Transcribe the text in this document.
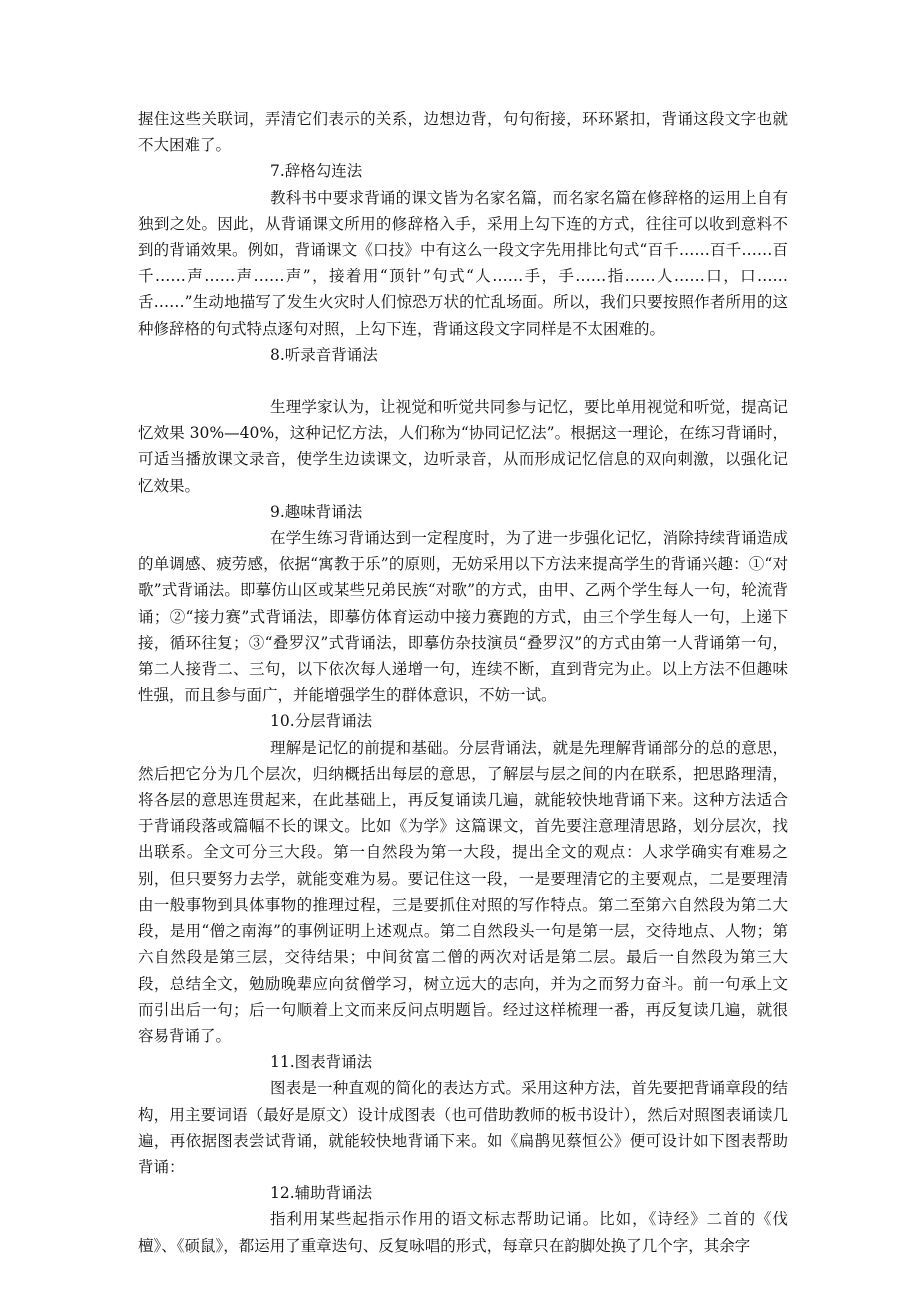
握住这些关联词，弄清它们表示的关系，边想边背，句句衔接，环环紧扣，背诵这段文字也就不大困难了。

7.辞格勾连法

教科书中要求背诵的课文皆为名家名篇，而名家名篇在修辞格的运用上自有独到之处。因此，从背诵课文所用的修辞格入手，采用上勾下连的方式，往往可以收到意料不到的背诵效果。例如，背诵课文《口技》中有这么一段文字先用排比句式“百千……百千……百千……声……声……声”，接着用“顶针”句式“人……手，手……指……人……口，口……舌……”生动地描写了发生火灾时人们惊恐万状的忙乱场面。所以，我们只要按照作者所用的这种修辞格的句式特点逐句对照，上勾下连，背诵这段文字同样是不太困难的。

8.听录音背诵法

生理学家认为，让视觉和听觉共同参与记忆，要比单用视觉和听觉，提高记忆效果 30%—40%，这种记忆方法，人们称为“协同记忆法”。根据这一理论，在练习背诵时，可适当播放课文录音，使学生边读课文，边听录音，从而形成记忆信息的双向刺激，以强化记忆效果。

9.趣味背诵法

在学生练习背诵达到一定程度时，为了进一步强化记忆，消除持续背诵造成的单调感、疲劳感，依据“寓教于乐”的原则，无妨采用以下方法来提高学生的背诵兴趣：①“对歌”式背诵法。即摹仿山区或某些兄弟民族“对歌”的方式，由甲、乙两个学生每人一句，轮流背诵；②“接力赛”式背诵法，即摹仿体育运动中接力赛跑的方式，由三个学生每人一句，上递下接，循环往复；③“叠罗汉”式背诵法，即摹仿杂技演员“叠罗汉”的方式由第一人背诵第一句，第二人接背二、三句，以下依次每人递增一句，连续不断，直到背完为止。以上方法不但趣味性强，而且参与面广，并能增强学生的群体意识，不妨一试。

10.分层背诵法

理解是记忆的前提和基础。分层背诵法，就是先理解背诵部分的总的意思，然后把它分为几个层次，归纳概括出每层的意思，了解层与层之间的内在联系，把思路理清，将各层的意思连贯起来，在此基础上，再反复诵读几遍，就能较快地背诵下来。这种方法适合于背诵段落或篇幅不长的课文。比如《为学》这篇课文，首先要注意理清思路，划分层次，找出联系。全文可分三大段。第一自然段为第一大段，提出全文的观点：人求学确实有难易之别，但只要努力去学，就能变难为易。要记住这一段，一是要理清它的主要观点，二是要理清由一般事物到具体事物的推理过程，三是要抓住对照的写作特点。第二至第六自然段为第二大段，是用“僧之南海”的事例证明上述观点。第二自然段头一句是第一层，交待地点、人物；第六自然段是第三层，交待结果；中间贫富二僧的两次对话是第二层。最后一自然段为第三大段，总结全文，勉励晚辈应向贫僧学习，树立远大的志向，并为之而努力奋斗。前一句承上文而引出后一句；后一句顺着上文而来反问点明题旨。经过这样梳理一番，再反复读几遍，就很容易背诵了。

11.图表背诵法

图表是一种直观的简化的表达方式。采用这种方法，首先要把背诵章段的结构，用主要词语（最好是原文）设计成图表（也可借助教师的板书设计），然后对照图表诵读几遍，再依据图表尝试背诵，就能较快地背诵下来。如《扁鹊见蔡恒公》便可设计如下图表帮助背诵：

12.辅助背诵法

指利用某些起指示作用的语文标志帮助记诵。比如，《诗经》二首的《伐檀》、《硕鼠》，都运用了重章迭句、反复咏唱的形式，每章只在韵脚处换了几个字，其余字
